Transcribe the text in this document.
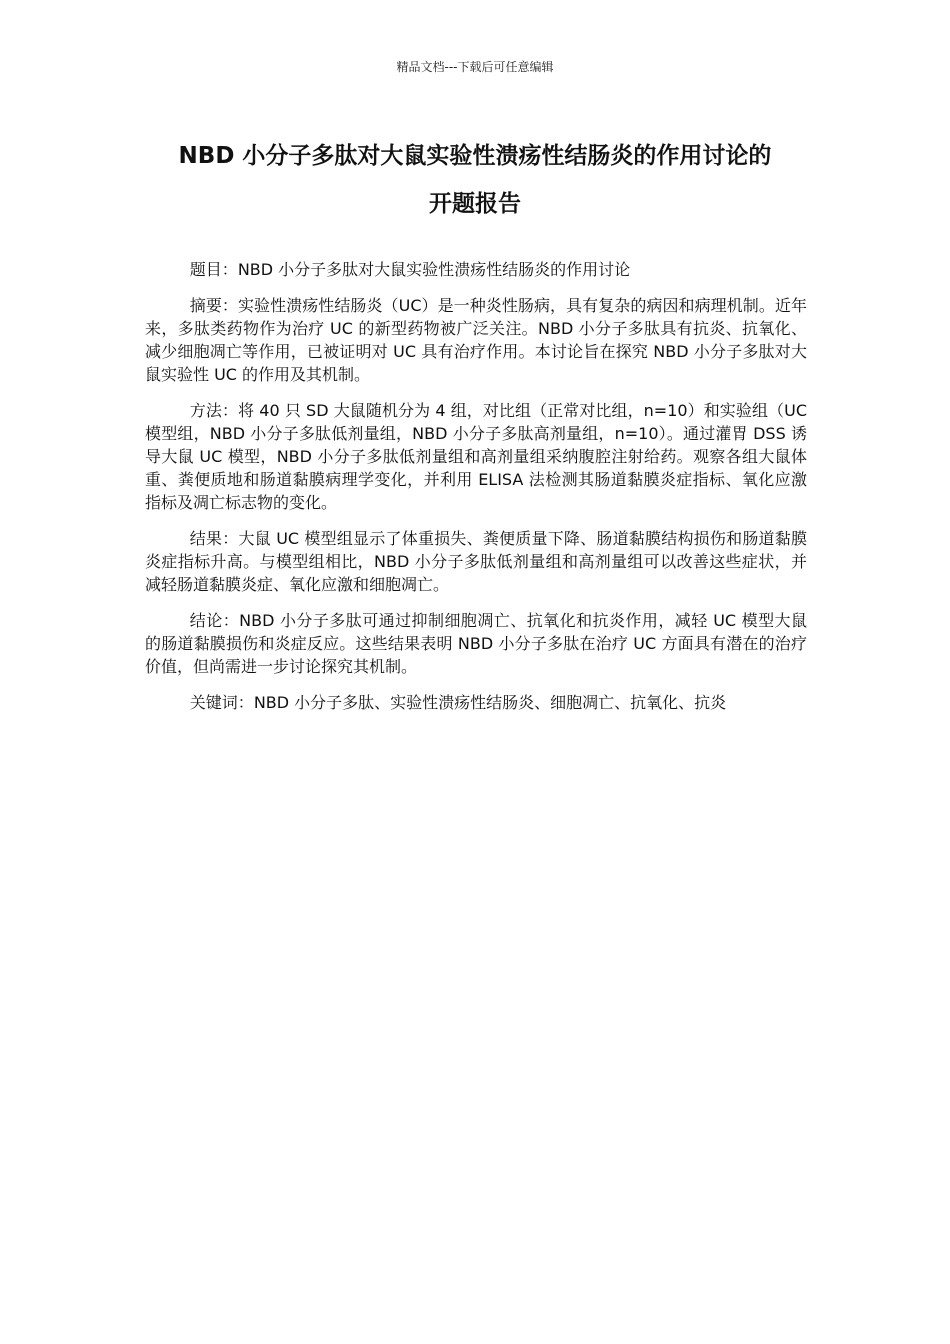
精品文档---下载后可任意编辑
NBD 小分子多肽对大鼠实验性溃疡性结肠炎的作用讨论的
开题报告

题目：NBD 小分子多肽对大鼠实验性溃疡性结肠炎的作用讨论

摘要：实验性溃疡性结肠炎（UC）是一种炎性肠病，具有复杂的病因和病理机制。近年来，多肽类药物作为治疗 UC 的新型药物被广泛关注。NBD 小分子多肽具有抗炎、抗氧化、减少细胞凋亡等作用，已被证明对 UC 具有治疗作用。本讨论旨在探究 NBD 小分子多肽对大鼠实验性 UC 的作用及其机制。

方法：将 40 只 SD 大鼠随机分为 4 组，对比组（正常对比组，n=10）和实验组（UC 模型组，NBD 小分子多肽低剂量组，NBD 小分子多肽高剂量组，n=10）。通过灌胃 DSS 诱导大鼠 UC 模型，NBD 小分子多肽低剂量组和高剂量组采纳腹腔注射给药。观察各组大鼠体重、粪便质地和肠道黏膜病理学变化，并利用 ELISA 法检测其肠道黏膜炎症指标、氧化应激指标及凋亡标志物的变化。

结果：大鼠 UC 模型组显示了体重损失、粪便质量下降、肠道黏膜结构损伤和肠道黏膜炎症指标升高。与模型组相比，NBD 小分子多肽低剂量组和高剂量组可以改善这些症状，并减轻肠道黏膜炎症、氧化应激和细胞凋亡。

结论：NBD 小分子多肽可通过抑制细胞凋亡、抗氧化和抗炎作用，减轻 UC 模型大鼠的肠道黏膜损伤和炎症反应。这些结果表明 NBD 小分子多肽在治疗 UC 方面具有潜在的治疗价值，但尚需进一步讨论探究其机制。

关键词：NBD 小分子多肽、实验性溃疡性结肠炎、细胞凋亡、抗氧化、抗炎
